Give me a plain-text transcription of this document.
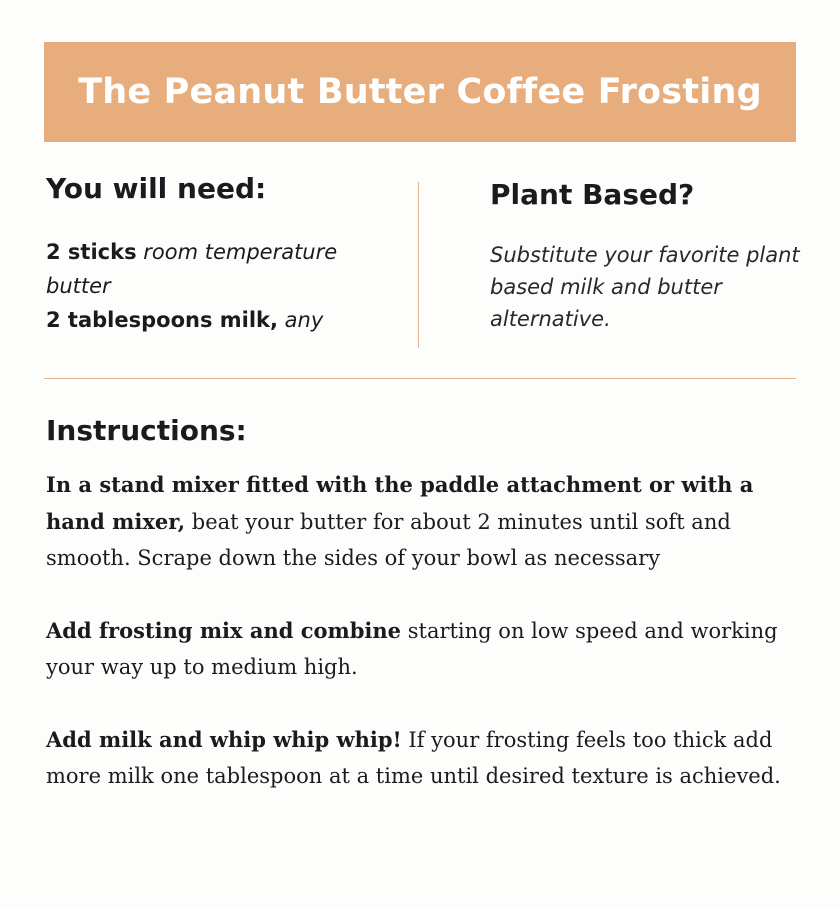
The Peanut Butter Coffee Frosting
You will need:
2 sticks room temperature butter
2 tablespoons milk, any
Plant Based?
Substitute your favorite plant based milk and butter alternative.
Instructions:

In a stand mixer fitted with the paddle attachment or with a hand mixer, beat your butter for about 2 minutes until soft and smooth. Scrape down the sides of your bowl as necessary

Add frosting mix and combine starting on low speed and working your way up to medium high.

Add milk and whip whip whip! If your frosting feels too thick add more milk one tablespoon at a time until desired texture is achieved.
